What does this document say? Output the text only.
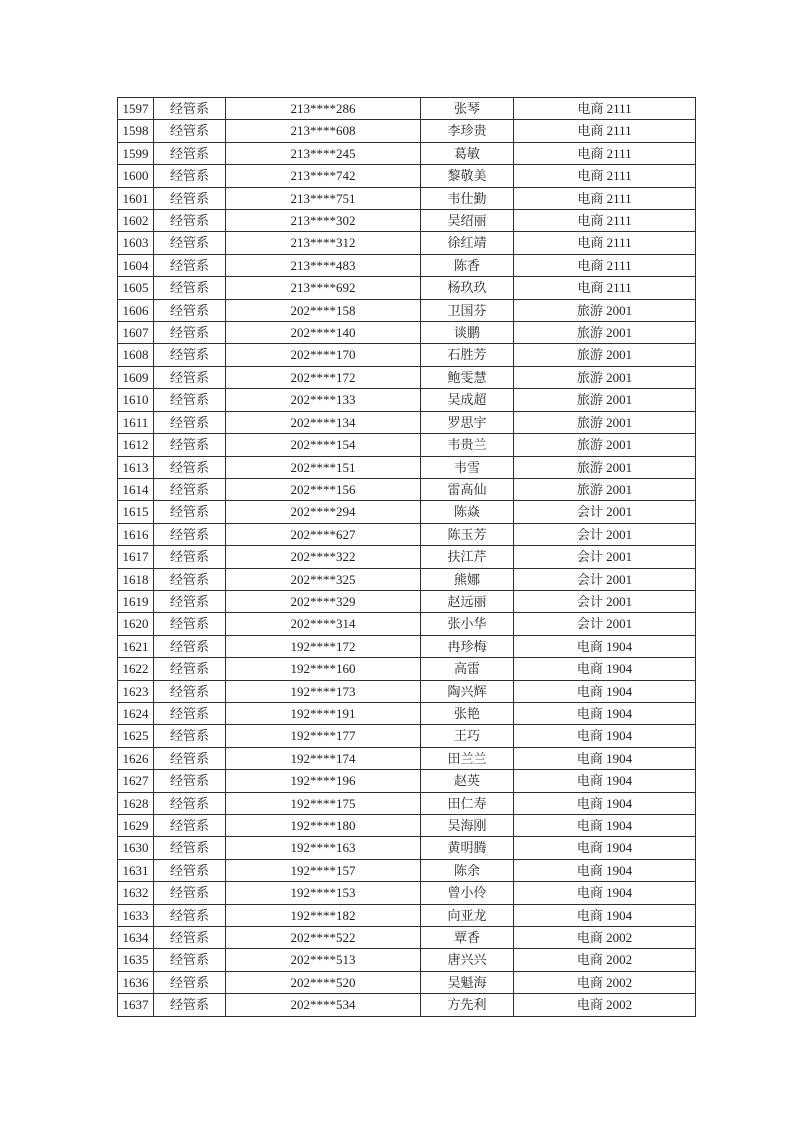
1597	经管系	213****286	张琴	电商 2111
1598	经管系	213****608	李珍贵	电商 2111
1599	经管系	213****245	葛敏	电商 2111
1600	经管系	213****742	黎敬美	电商 2111
1601	经管系	213****751	韦仕勤	电商 2111
1602	经管系	213****302	吴绍丽	电商 2111
1603	经管系	213****312	徐红靖	电商 2111
1604	经管系	213****483	陈香	电商 2111
1605	经管系	213****692	杨玖玖	电商 2111
1606	经管系	202****158	卫国芬	旅游 2001
1607	经管系	202****140	谈鹏	旅游 2001
1608	经管系	202****170	石胜芳	旅游 2001
1609	经管系	202****172	鲍雯慧	旅游 2001
1610	经管系	202****133	吴成超	旅游 2001
1611	经管系	202****134	罗思宇	旅游 2001
1612	经管系	202****154	韦贵兰	旅游 2001
1613	经管系	202****151	韦雪	旅游 2001
1614	经管系	202****156	雷高仙	旅游 2001
1615	经管系	202****294	陈焱	会计 2001
1616	经管系	202****627	陈玉芳	会计 2001
1617	经管系	202****322	扶江芹	会计 2001
1618	经管系	202****325	熊娜	会计 2001
1619	经管系	202****329	赵远丽	会计 2001
1620	经管系	202****314	张小华	会计 2001
1621	经管系	192****172	冉珍梅	电商 1904
1622	经管系	192****160	高雷	电商 1904
1623	经管系	192****173	陶兴辉	电商 1904
1624	经管系	192****191	张艳	电商 1904
1625	经管系	192****177	王巧	电商 1904
1626	经管系	192****174	田兰兰	电商 1904
1627	经管系	192****196	赵英	电商 1904
1628	经管系	192****175	田仁寿	电商 1904
1629	经管系	192****180	吴海刚	电商 1904
1630	经管系	192****163	黄明腾	电商 1904
1631	经管系	192****157	陈余	电商 1904
1632	经管系	192****153	曾小伶	电商 1904
1633	经管系	192****182	向亚龙	电商 1904
1634	经管系	202****522	覃香	电商 2002
1635	经管系	202****513	唐兴兴	电商 2002
1636	经管系	202****520	吴魁海	电商 2002
1637	经管系	202****534	方先利	电商 2002
